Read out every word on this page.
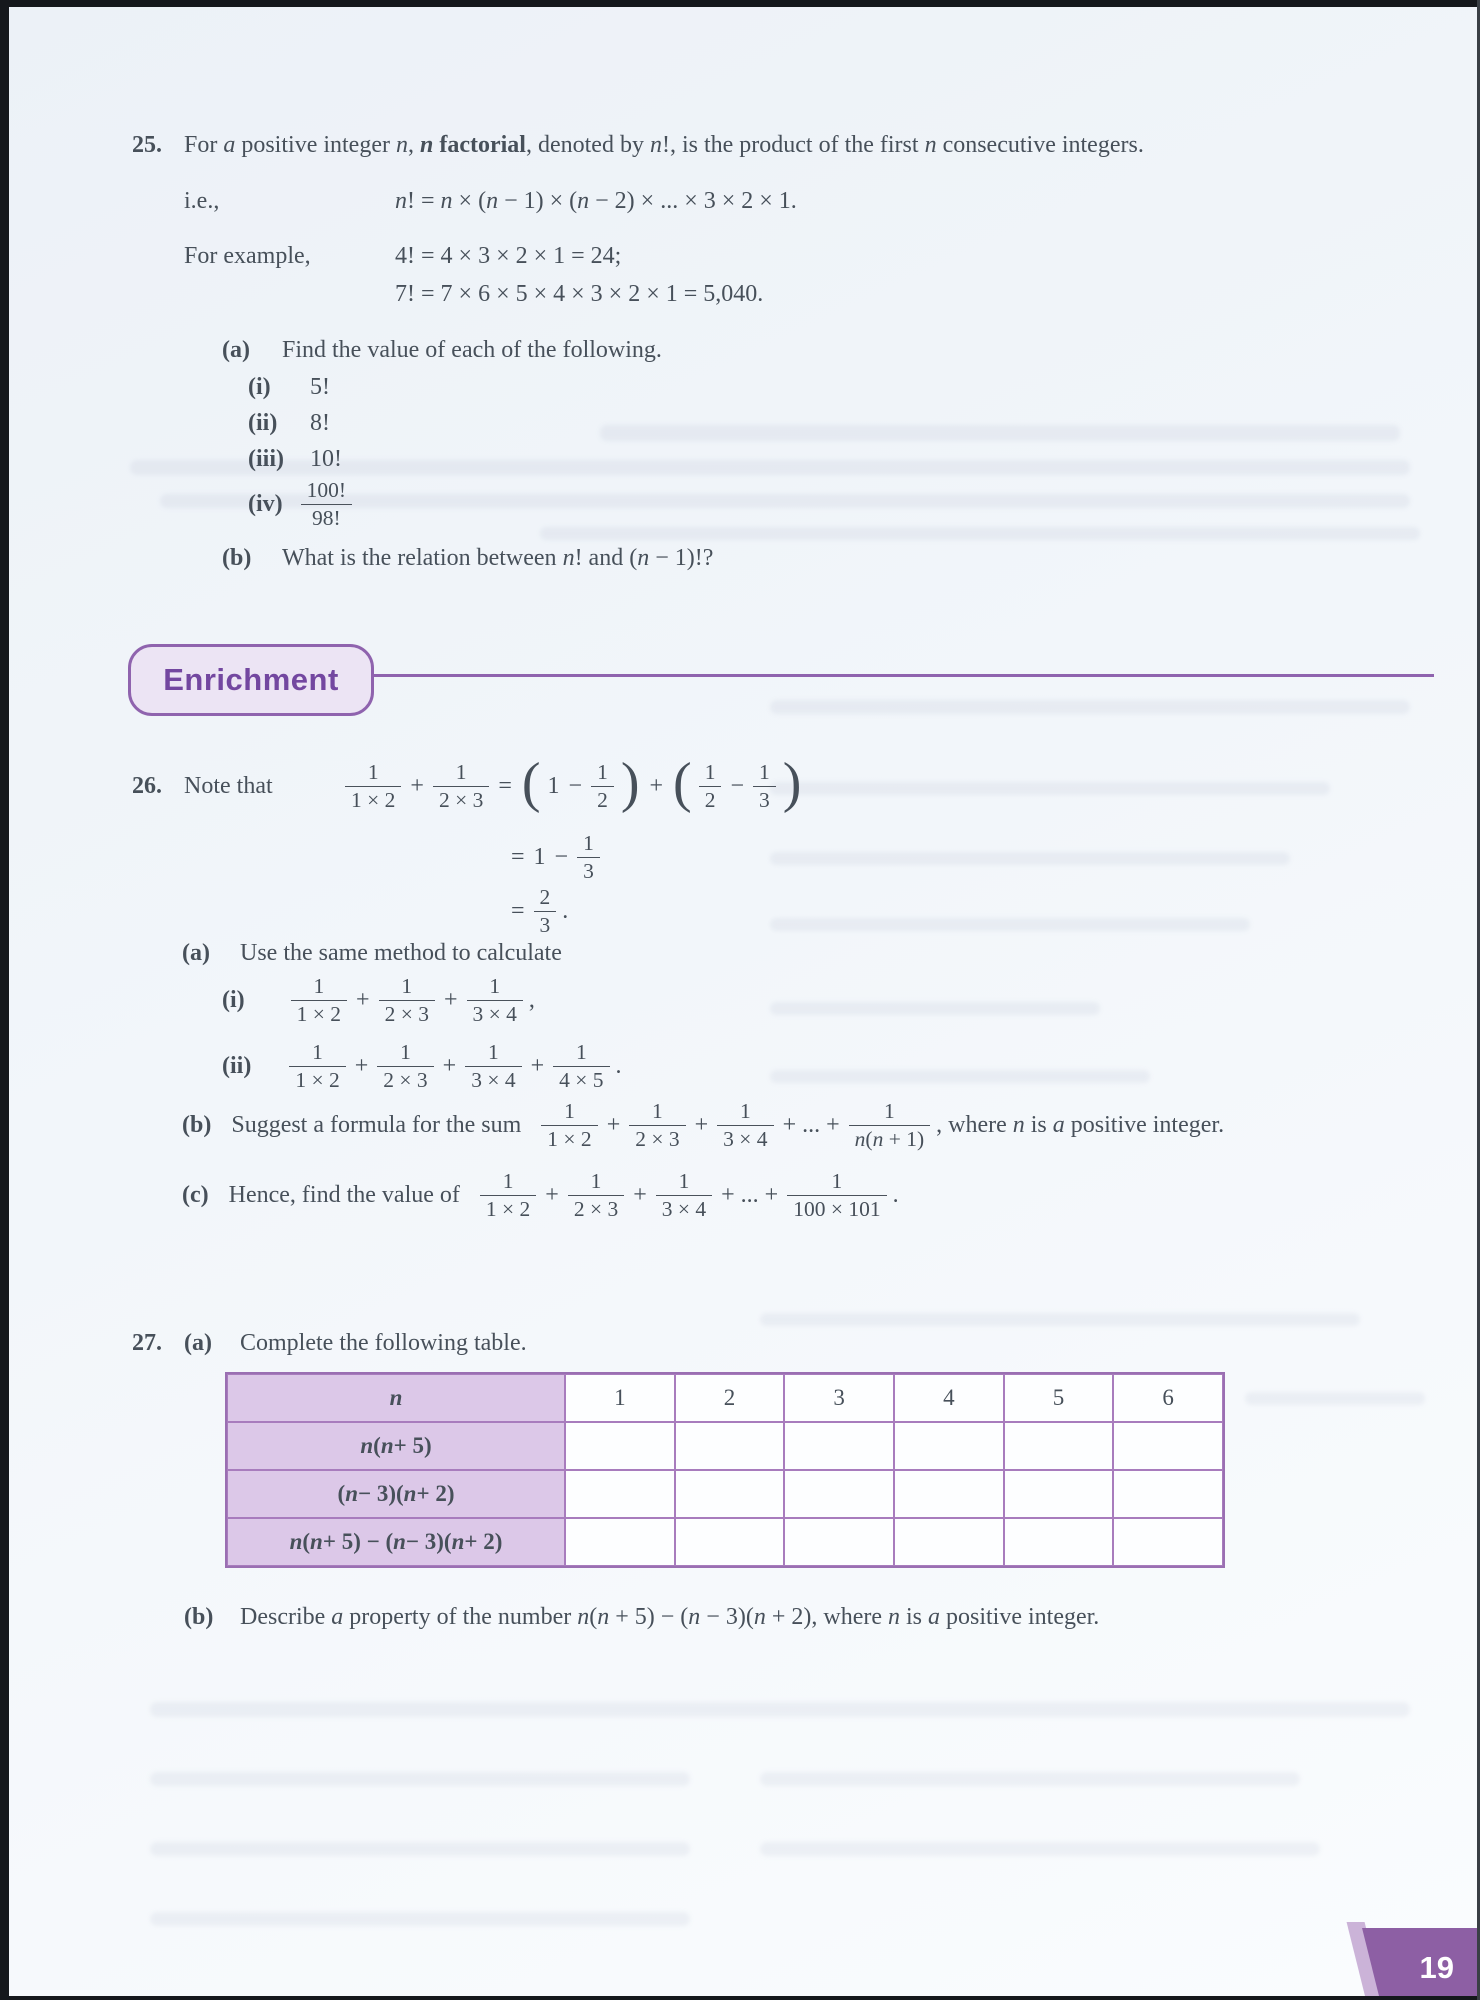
25. For a positive integer n, n factorial, denoted by n!, is the product of the first n consecutive integers.
i.e.,	n! = n × (n − 1) × (n − 2) × ... × 3 × 2 × 1.
For example,	4! = 4 × 3 × 2 × 1 = 24;
7! = 7 × 6 × 5 × 4 × 3 × 2 × 1 = 5,040.
(a) Find the value of each of the following.
(i) 5!
(ii) 8!
(iii) 10!
$(iv) \frac{100!}{98!}$
(b) What is the relation between n! and (n − 1)!?
Enrichment
26. Note that	$\frac{1}{1 \times 2} + \frac{1}{2 \times 3}$ = ( $1 - \frac{1}{2}$ ) + ( $\frac{1}{2} - \frac{1}{3}$ )
= $1 - \frac{1}{3}$
= $\frac{2}{3}$ .
(a) Use the same method to calculate
$(i) \frac{1}{1 \times 2} + \frac{1}{2 \times 3} + \frac{1}{3 \times 4}$ ,
$(ii) \frac{1}{1 \times 2} + \frac{1}{2 \times 3} + \frac{1}{3 \times 4} + \frac{1}{4 \times 5}$ .
(b) Suggest a formula for the sum $\frac{1}{1 \times 2} + \frac{1}{2 \times 3} + \frac{1}{3 \times 4}$ + ... + $\frac{1}{n(n + 1)}$ , where n is a positive integer.
(c) Hence, find the value of $\frac{1}{1 \times 2} + \frac{1}{2 \times 3} + \frac{1}{3 \times 4}$ + ... + $\frac{1}{100 \times 101}$ .
27. (a) Complete the following table.
n	1	2	3	4	5	6
n ( n + 5)
( n − 3)( n + 2)
n ( n + 5) − ( n − 3)( n + 2)
(b) Describe a property of the number n(n + 5) − (n − 3)(n + 2), where n is a positive integer.
19
